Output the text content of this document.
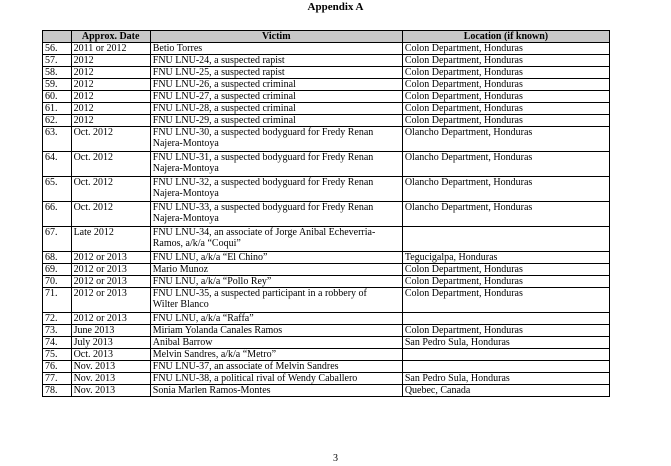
Appendix A
	Approx. Date	Victim	Location (if known)
56.	2011 or 2012	Betio Torres	Colon Department, Honduras
57.	2012	FNU LNU-24, a suspected rapist	Colon Department, Honduras
58.	2012	FNU LNU-25, a suspected rapist	Colon Department, Honduras
59.	2012	FNU LNU-26, a suspected criminal	Colon Department, Honduras
60.	2012	FNU LNU-27, a suspected criminal	Colon Department, Honduras
61.	2012	FNU LNU-28, a suspected criminal	Colon Department, Honduras
62.	2012	FNU LNU-29, a suspected criminal	Colon Department, Honduras
63.	Oct. 2012	FNU LNU-30, a suspected bodyguard for Fredy Renan
Najera-Montoya	Olancho Department, Honduras
64.	Oct. 2012	FNU LNU-31, a suspected bodyguard for Fredy Renan
Najera-Montoya	Olancho Department, Honduras
65.	Oct. 2012	FNU LNU-32, a suspected bodyguard for Fredy Renan
Najera-Montoya	Olancho Department, Honduras
66.	Oct. 2012	FNU LNU-33, a suspected bodyguard for Fredy Renan
Najera-Montoya	Olancho Department, Honduras
67.	Late 2012	FNU LNU-34, an associate of Jorge Anibal Echeverria-
Ramos, a/k/a “Coqui”	

68.	2012 or 2013	FNU LNU, a/k/a “El Chino”	Tegucigalpa, Honduras
69.	2012 or 2013	Mario Munoz	Colon Department, Honduras
70.	2012 or 2013	FNU LNU, a/k/a “Pollo Rey”	Colon Department, Honduras
71.	2012 or 2013	FNU LNU-35, a suspected participant in a robbery of
Wilter Blanco	Colon Department, Honduras
72.	2012 or 2013	FNU LNU, a/k/a “Raffa”	

73.	June 2013	Miriam Yolanda Canales Ramos	Colon Department, Honduras
74.	July 2013	Anibal Barrow	San Pedro Sula, Honduras
75.	Oct. 2013	Melvin Sandres, a/k/a “Metro”	

76.	Nov. 2013	FNU LNU-37, an associate of Melvin Sandres	

77.	Nov. 2013	FNU LNU-38, a political rival of Wendy Caballero	San Pedro Sula, Honduras
78.	Nov. 2013	Sonia Marlen Ramos-Montes	Quebec, Canada
3
